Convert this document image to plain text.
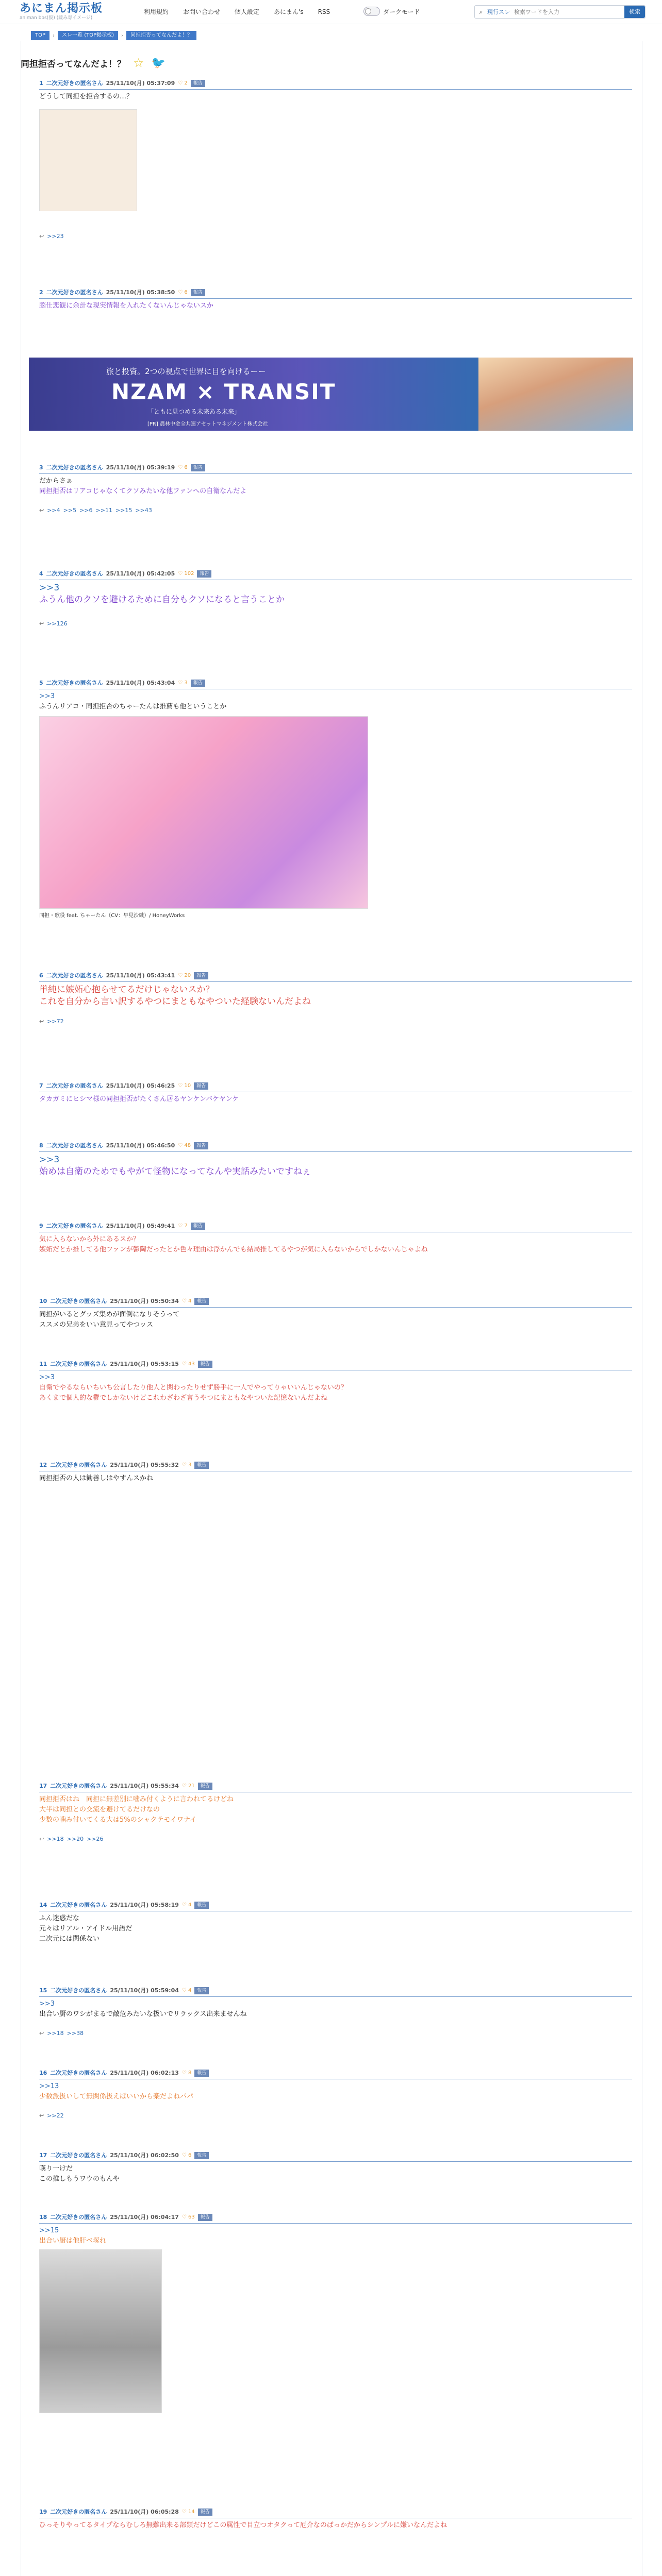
あにまん掲示板
animan bbs(仮) (読み専イメージ)
利用規約	お問い合わせ	個人設定	あにまん's	RSS	ダークモード	⌕ 現行スレ
検索ワードを入力	検索
TOP	›	スレ一覧 (TOP掲示板)	›	同担拒否ってなんだよ！？
同担拒否ってなんだよ！？ ☆ 🐦
旅と投資。2つの視点で世界に目を向けるーー
NZAM × TRANSIT
「ともに見つめる未来ある未来」
[PR] 農林中金全共連アセットマネジメント株式会社
1 二次元好きの匿名さん 25/11/10(月) 05:37:09 ♡ 2	報告
どうして同担を拒否するの…？
↩ >>23
2 二次元好きの匿名さん 25/11/10(月) 05:38:50 ♡ 6	報告
脳仕悲観に余計な現実情報を入れたくないんじゃないスか
3 二次元好きの匿名さん 25/11/10(月) 05:39:19 ♡ 6	報告
だからさぁ
同担拒否はリアコじゃなくてクソみたいな他ファンへの自衛なんだよ
↩ >>4 >>5 >>6 >>11 >>15 >>43
4 二次元好きの匿名さん 25/11/10(月) 05:42:05 ♡ 102	報告
>>3
ふうん他のクソを避けるために自分もクソになると言うことか
↩ >>126
5 二次元好きの匿名さん 25/11/10(月) 05:43:04 ♡ 3	報告
>>3
ふうんリアコ・同担拒否のちゃーたんは推薦も他ということか
同担・歌役 feat. ちゃーたん（CV：早見沙織）/ HoneyWorks
6 二次元好きの匿名さん 25/11/10(月) 05:43:41 ♡ 20	報告
単純に嫉妬心抱らせてるだけじゃないスか？
これを自分から言い訳するやつにまともなやついた経験ないんだよね
↩ >>72
7 二次元好きの匿名さん 25/11/10(月) 05:46:25 ♡ 10	報告
タカガミにヒシマ様の同担拒否がたくさん居るヤンケンバケヤンケ
8 二次元好きの匿名さん 25/11/10(月) 05:46:50 ♡ 48	報告
>>3
始めは自衛のためでもやがて怪物になってなんや実話みたいですねぇ
9 二次元好きの匿名さん 25/11/10(月) 05:49:41 ♡ 7	報告
気に入らないから外にあるスか？
嫉妬だとか推してる他ファンが鬱陶だったとか色々理由は浮かんでも結局推してるやつが気に入らないからでしかないんじゃよね
10 二次元好きの匿名さん 25/11/10(月) 05:50:34 ♡ 4	報告
同担がいるとグッズ集めが面倒になりそうって
ススメの兄弟をいい意見ってやつッス
11 二次元好きの匿名さん 25/11/10(月) 05:53:15 ♡ 43	報告
>>3
自衛でやるならいちいち公言したり他人と関わったりせず勝手に一人でやってりゃいいんじゃないの？
あくまで個人的な鬱でしかないけどこれわざわざ言うやつにまともなやついた記憶ないんだよね
12 二次元好きの匿名さん 25/11/10(月) 05:55:32 ♡ 3	報告
同担拒否の人は勧善しはやすんスかね
17 二次元好きの匿名さん 25/11/10(月) 05:55:34 ♡ 21	報告
同担拒否はね　同担に無差別に噛み付くように言われてるけどね
大半は同担との交流を避けてるだけなの
少数の噛み付いてくる大は5%のシャクテモイワナイ
↩ >>18 >>20 >>26
14 二次元好きの匿名さん 25/11/10(月) 05:58:19 ♡ 4	報告
ふん迷惑だな
元々はリアル・アイドル用語だ
二次元には関係ない
15 二次元好きの匿名さん 25/11/10(月) 05:59:04 ♡ 4	報告
>>3
出合い厨のワシがまるで敵危みたいな扱いでリラックス出来ませんね
↩ >>18 >>38
16 二次元好きの匿名さん 25/11/10(月) 06:02:13 ♡ 8	報告
>>13
少数派扱いして無関係扱えばいいから楽だよねパパ
↩ >>22
17 二次元好きの匿名さん 25/11/10(月) 06:02:50 ♡ 6	報告
嘆り一けだ
この推しもうワウのもんや
18 二次元好きの匿名さん 25/11/10(月) 06:04:17 ♡ 63	報告
>>15
出合い厨は他肝べ塚れ
19 二次元好きの匿名さん 25/11/10(月) 06:05:28 ♡ 14	報告
ひっそりやってるタイプならむしろ無難出来る部類だけどこの属性で目立つオタクって厄介なのばっかだからシンプルに嫌いなんだよね
